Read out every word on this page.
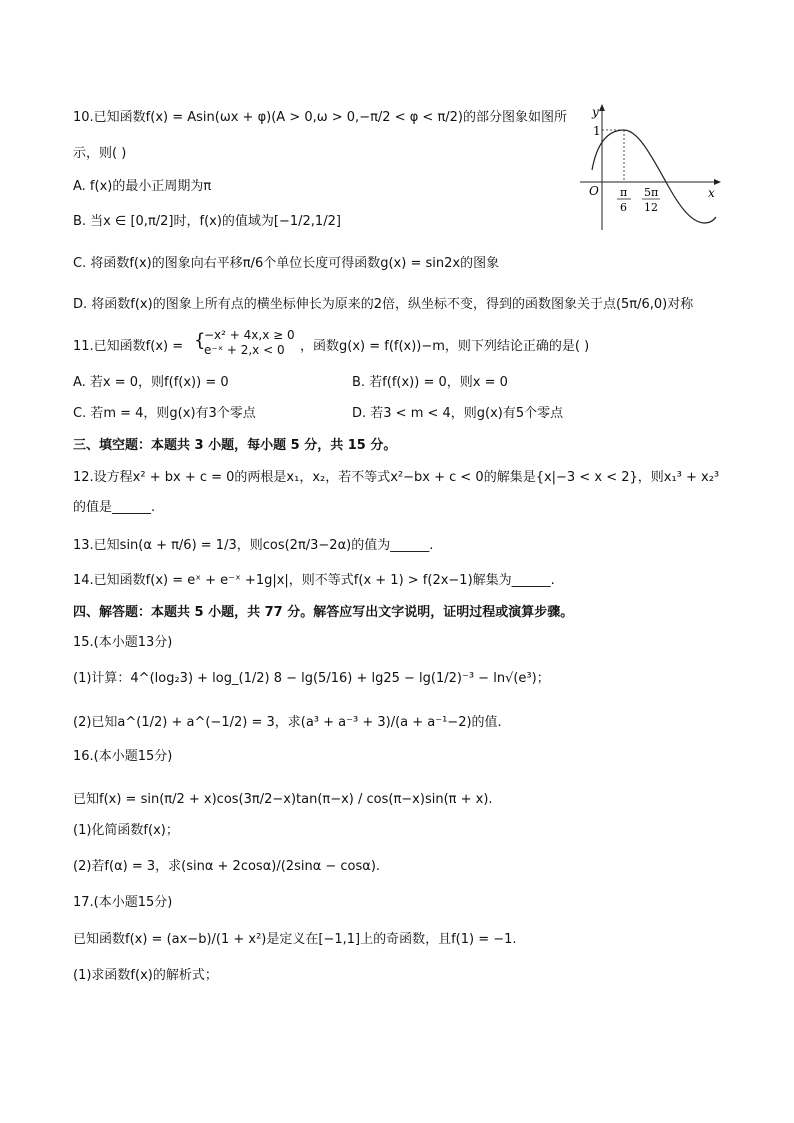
10.已知函数f(x) = Asin(ωx + φ)(A > 0,ω > 0,−π/2 < φ < π/2)的部分图象如图所
示，则( )
A. f(x)的最小正周期为π
B. 当x ∈ [0,π/2]时，f(x)的值域为[−1/2,1/2]
C. 将函数f(x)的图象向右平移π/6个单位长度可得函数g(x) = sin2x的图象
D. 将函数f(x)的图象上所有点的横坐标伸长为原来的2倍，纵坐标不变，得到的函数图象关于点(5π/6,0)对称
y
x
O
1
π
6
5π
12
11.已知函数f(x) = {
−x² + 4x,x ≥ 0
e⁻ˣ + 2,x < 0 ，函数g(x) = f(f(x))−m，则下列结论正确的是( )
A. 若x = 0，则f(f(x)) = 0	B. 若f(f(x)) = 0，则x = 0
C. 若m = 4，则g(x)有3个零点	D. 若3 < m < 4，则g(x)有5个零点
三、填空题：本题共 3 小题，每小题 5 分，共 15 分。
12.设方程x² + bx + c = 0的两根是x₁，x₂，若不等式x²−bx + c < 0的解集是{x|−3 < x < 2}，则x₁³ + x₂³
的值是______.
13.已知sin(α + π/6) = 1/3，则cos(2π/3−2α)的值为______.
14.已知函数f(x) = eˣ + e⁻ˣ +1g|x|，则不等式f(x + 1) > f(2x−1)解集为______.
四、解答题：本题共 5 小题，共 77 分。解答应写出文字说明，证明过程或演算步骤。
15.(本小题13分)
(1)计算：4^(log₂3) + log_(1/2) 8 − lg(5/16) + lg25 − lg(1/2)⁻³ − ln√(e³)；
(2)已知a^(1/2) + a^(−1/2) = 3，求(a³ + a⁻³ + 3)/(a + a⁻¹−2)的值.
16.(本小题15分)
已知f(x) = sin(π/2 + x)cos(3π/2−x)tan(π−x) / cos(π−x)sin(π + x).
(1)化简函数f(x)；
(2)若f(α) = 3，求(sinα + 2cosα)/(2sinα − cosα).
17.(本小题15分)
已知函数f(x) = (ax−b)/(1 + x²)是定义在[−1,1]上的奇函数，且f(1) = −1.
(1)求函数f(x)的解析式；
